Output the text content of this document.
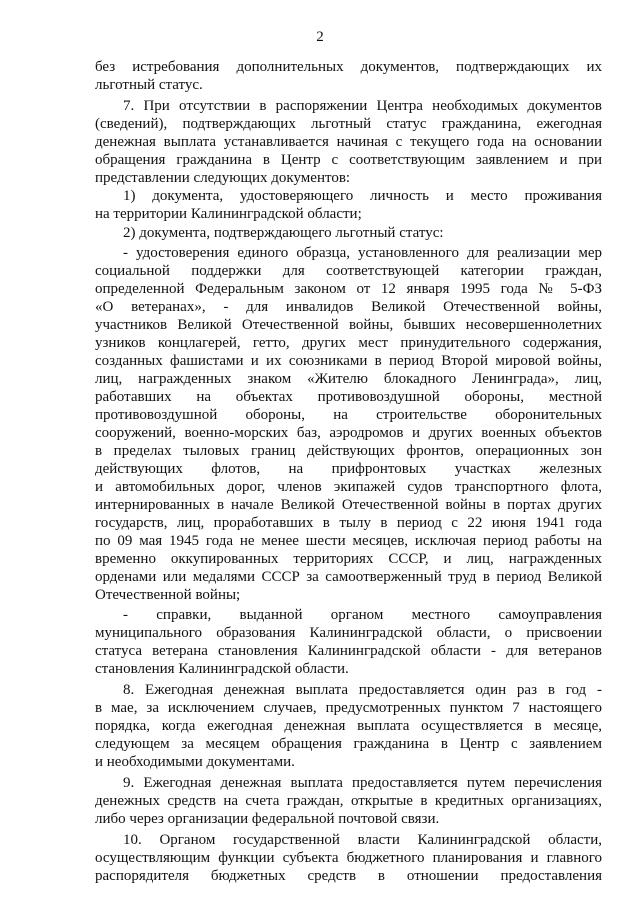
2
без истребования дополнительных документов, подтверждающих их
льготный статус.
7. При отсутствии в распоряжении Центра необходимых документов
(сведений), подтверждающих льготный статус гражданина, ежегодная
денежная выплата устанавливается начиная с текущего года на основании
обращения гражданина в Центр с соответствующим заявлением и при
представлении следующих документов:
1) документа, удостоверяющего личность и место проживания
на территории Калининградской области;
2) документа, подтверждающего льготный статус:
- удостоверения единого образца, установленного для реализации мер
социальной поддержки для соответствующей категории граждан,
определенной Федеральным законом от 12 января 1995 года № 5-ФЗ
«О ветеранах», - для инвалидов Великой Отечественной войны,
участников Великой Отечественной войны, бывших несовершеннолетних
узников концлагерей, гетто, других мест принудительного содержания,
созданных фашистами и их союзниками в период Второй мировой войны,
лиц, награжденных знаком «Жителю блокадного Ленинграда», лиц,
работавших на объектах противовоздушной обороны, местной
противовоздушной обороны, на строительстве оборонительных
сооружений, военно-морских баз, аэродромов и других военных объектов
в пределах тыловых границ действующих фронтов, операционных зон
действующих флотов, на прифронтовых участках железных
и автомобильных дорог, членов экипажей судов транспортного флота,
интернированных в начале Великой Отечественной войны в портах других
государств, лиц, проработавших в тылу в период с 22 июня 1941 года
по 09 мая 1945 года не менее шести месяцев, исключая период работы на
временно оккупированных территориях СССР, и лиц, награжденных
орденами или медалями СССР за самоотверженный труд в период Великой
Отечественной войны;
- справки, выданной органом местного самоуправления
муниципального образования Калининградской области, о присвоении
статуса ветерана становления Калининградской области - для ветеранов
становления Калининградской области.
8. Ежегодная денежная выплата предоставляется один раз в год -
в мае, за исключением случаев, предусмотренных пунктом 7 настоящего
порядка, когда ежегодная денежная выплата осуществляется в месяце,
следующем за месяцем обращения гражданина в Центр с заявлением
и необходимыми документами.
9. Ежегодная денежная выплата предоставляется путем перечисления
денежных средств на счета граждан, открытые в кредитных организациях,
либо через организации федеральной почтовой связи.
10. Органом государственной власти Калининградской области,
осуществляющим функции субъекта бюджетного планирования и главного
распорядителя бюджетных средств в отношении предоставления
